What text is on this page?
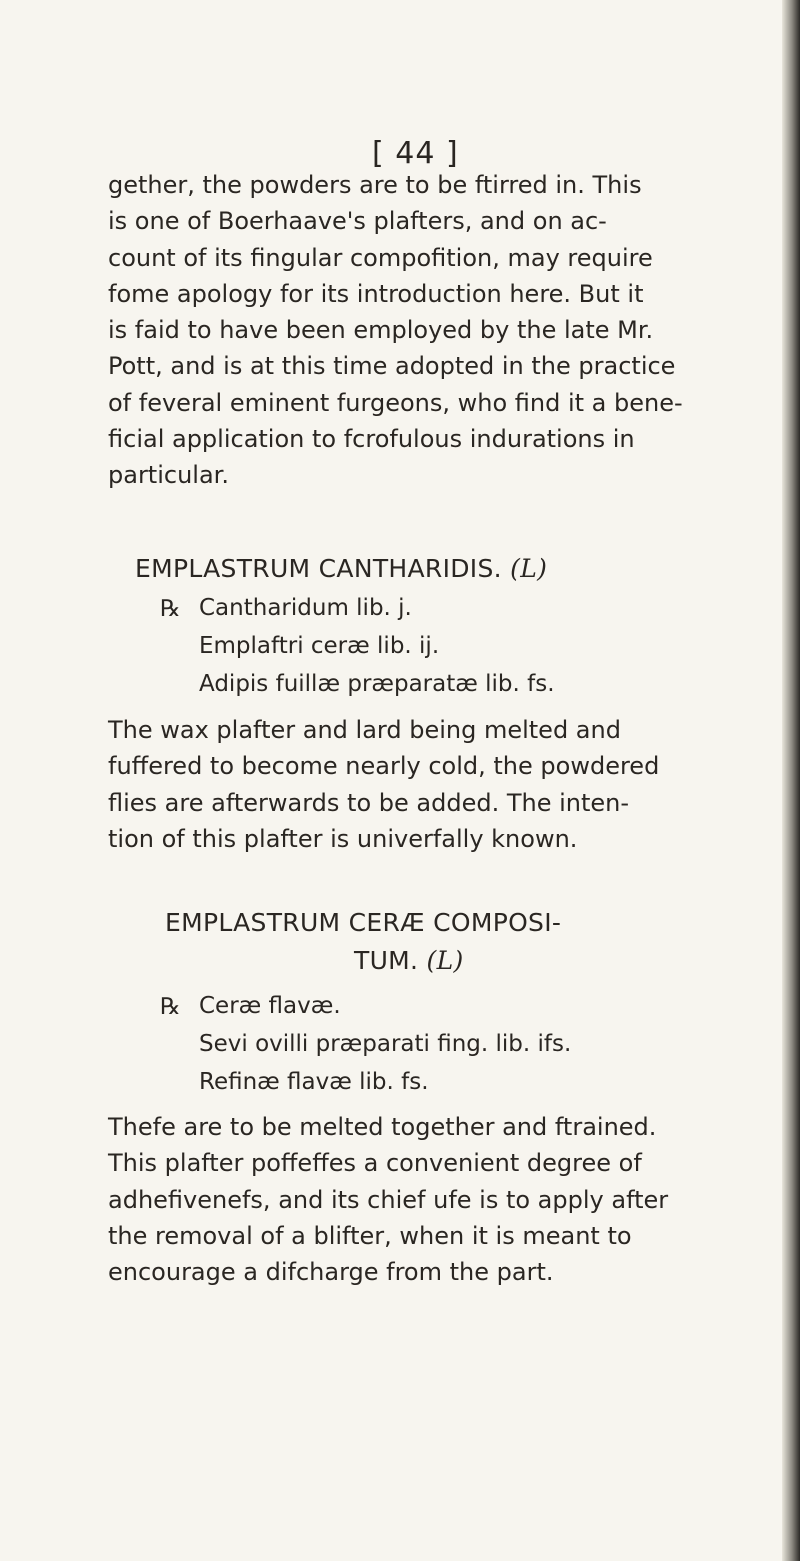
[ 44 ]
gether, the powders are to be ftirred in. This
is one of Boerhaave's plafters, and on ac-
count of its fingular compofition, may require
fome apology for its introduction here. But it
is faid to have been employed by the late Mr.
Pott, and is at this time adopted in the practice
of feveral eminent furgeons, who find it a bene-
ficial application to fcrofulous indurations in
particular.
EMPLASTRUM CANTHARIDIS. (L)
℞ Cantharidum lib. j.
Emplaftri ceræ lib. ij.
Adipis fuillæ præparatæ lib. fs.
The wax plafter and lard being melted and
fuffered to become nearly cold, the powdered
flies are afterwards to be added. The inten-
tion of this plafter is univerfally known.
EMPLASTRUM CERÆ COMPOSI-
TUM. (L)
℞ Ceræ flavæ.
Sevi ovilli præparati fing. lib. ifs.
Refinæ flavæ lib. fs.
Thefe are to be melted together and ftrained.
This plafter poffeffes a convenient degree of
adhefivenefs, and its chief ufe is to apply after
the removal of a blifter, when it is meant to
encourage a difcharge from the part.
